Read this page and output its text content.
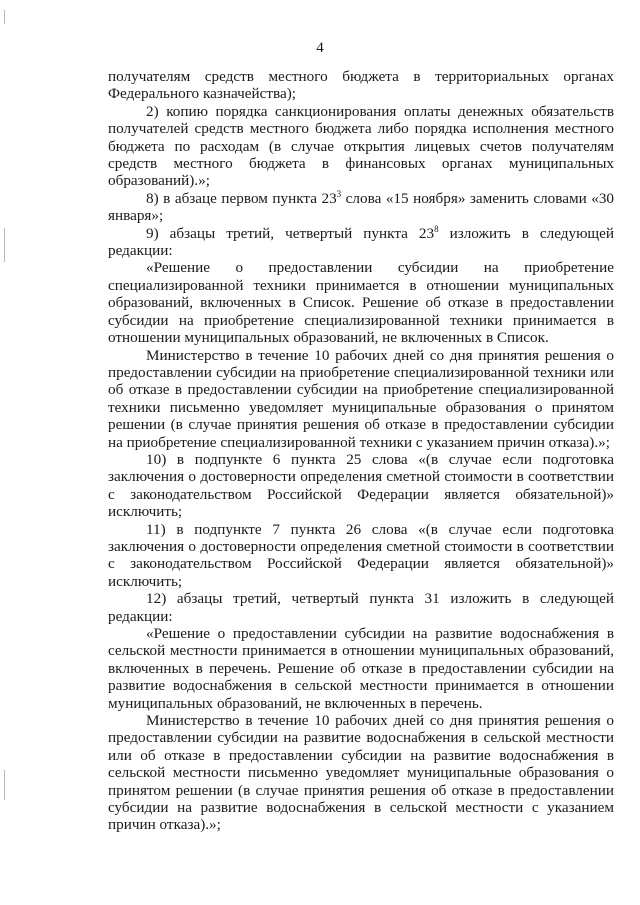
4

получателям средств местного бюджета в территориальных органах Федерального казначейства);

2) копию порядка санкционирования оплаты денежных обязательств получателей средств местного бюджета либо порядка исполнения местного бюджета по расходам (в случае открытия лицевых счетов получателям средств местного бюджета в финансовых органах муниципальных образований).»;

8) в абзаце первом пункта $23^3$ слова «15 ноября» заменить словами «30 января»;

9) абзацы третий, четвертый пункта $23^8$ изложить в следующей редакции:

«Решение о предоставлении субсидии на приобретение специализированной техники принимается в отношении муниципальных образований, включенных в Список. Решение об отказе в предоставлении субсидии на приобретение специализированной техники принимается в отношении муниципальных образований, не включенных в Список.

Министерство в течение 10 рабочих дней со дня принятия решения о предоставлении субсидии на приобретение специализированной техники или об отказе в предоставлении субсидии на приобретение специализированной техники письменно уведомляет муниципальные образования о принятом решении (в случае принятия решения об отказе в предоставлении субсидии на приобретение специализированной техники с указанием причин отказа).»;

10) в подпункте 6 пункта 25 слова «(в случае если подготовка заключения о достоверности определения сметной стоимости в соответствии с законодательством Российской Федерации является обязательной)» исключить;

11) в подпункте 7 пункта 26 слова «(в случае если подготовка заключения о достоверности определения сметной стоимости в соответствии с законодательством Российской Федерации является обязательной)» исключить;

12) абзацы третий, четвертый пункта 31 изложить в следующей редакции:

«Решение о предоставлении субсидии на развитие водоснабжения в сельской местности принимается в отношении муниципальных образований, включенных в перечень. Решение об отказе в предоставлении субсидии на развитие водоснабжения в сельской местности принимается в отношении муниципальных образований, не включенных в перечень.

Министерство в течение 10 рабочих дней со дня принятия решения о предоставлении субсидии на развитие водоснабжения в сельской местности или об отказе в предоставлении субсидии на развитие водоснабжения в сельской местности письменно уведомляет муниципальные образования о принятом решении (в случае принятия решения об отказе в предоставлении субсидии на развитие водоснабжения в сельской местности с указанием причин отказа).»;
